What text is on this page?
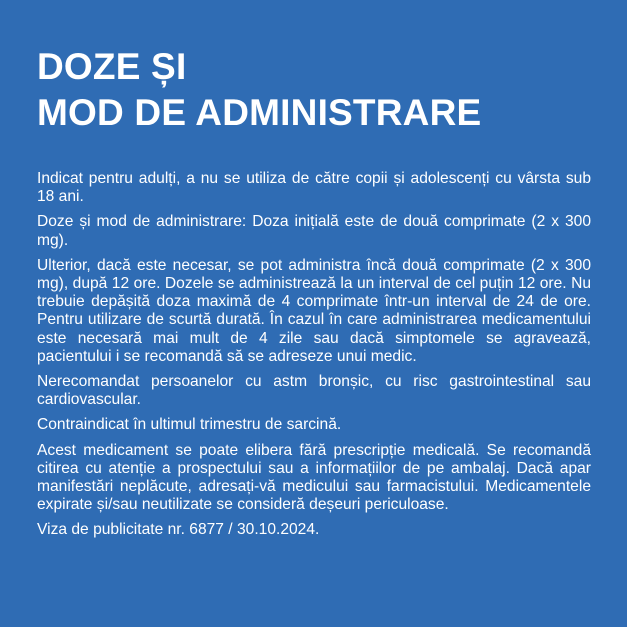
DOZE ȘI
MOD DE ADMINISTRARE

Indicat pentru adulți, a nu se utiliza de către copii și adolescenți cu vârsta sub 18 ani.

Doze și mod de administrare: Doza inițială este de două comprimate (2 x 300 mg).

Ulterior, dacă este necesar, se pot administra încă două comprimate (2 x 300 mg), după 12 ore. Dozele se administrează la un interval de cel puțin 12 ore. Nu trebuie depășită doza maximă de 4 comprimate într-un interval de 24 de ore. Pentru utilizare de scurtă durată. În cazul în care administrarea medicamentului este necesară mai mult de 4 zile sau dacă simptomele se agravează, pacientului i se recomandă să se adreseze unui medic.

Nerecomandat persoanelor cu astm bronșic, cu risc gastrointestinal sau cardiovascular.

Contraindicat în ultimul trimestru de sarcină.

Acest medicament se poate elibera fără prescripție medicală. Se recomandă citirea cu atenție a prospectului sau a informațiilor de pe ambalaj. Dacă apar manifestări neplăcute, adresați-vă medicului sau farmacistului. Medicamentele expirate și/sau neutilizate se consideră deșeuri periculoase.

Viza de publicitate nr. 6877 / 30.10.2024.
